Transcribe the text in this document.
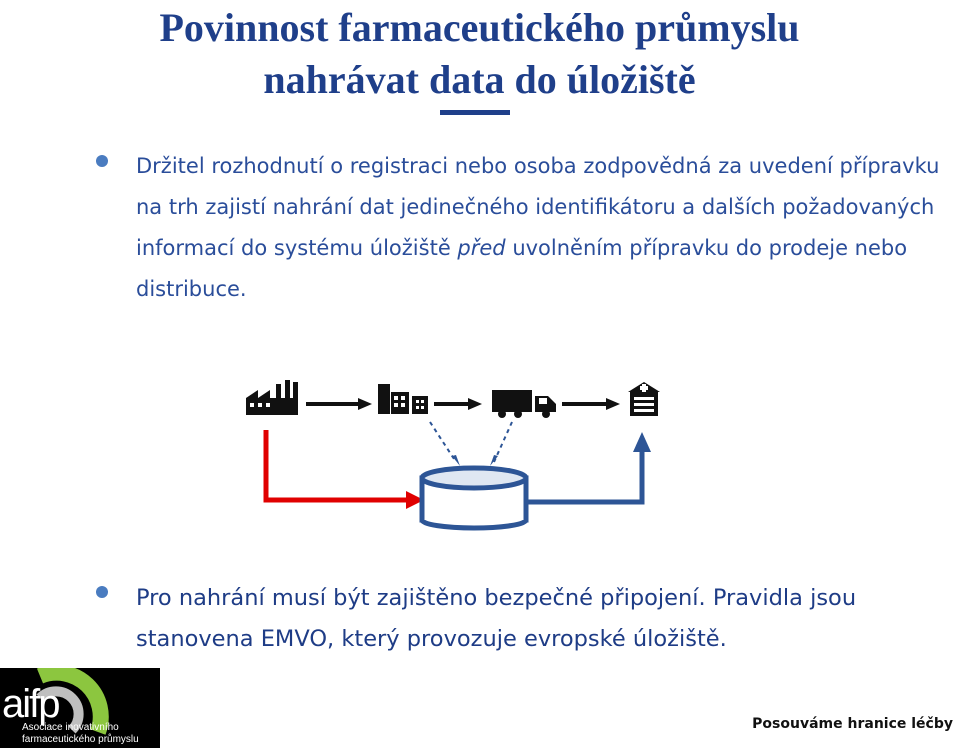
Povinnost farmaceutického průmyslu
nahrávat data do úložiště
Držitel rozhodnutí o registraci nebo osoba zodpovědná za uvedení přípravku na trh zajistí nahrání dat jedinečného identifikátoru a dalších požadovaných informací do systému úložiště před uvolněním přípravku do prodeje nebo distribuce.
Pro nahrání musí být zajištěno bezpečné připojení. Pravidla jsou stanovena EMVO, který provozuje evropské úložiště.
aifp
Asociace inovativního
farmaceutického průmyslu
Posouváme hranice léčby
